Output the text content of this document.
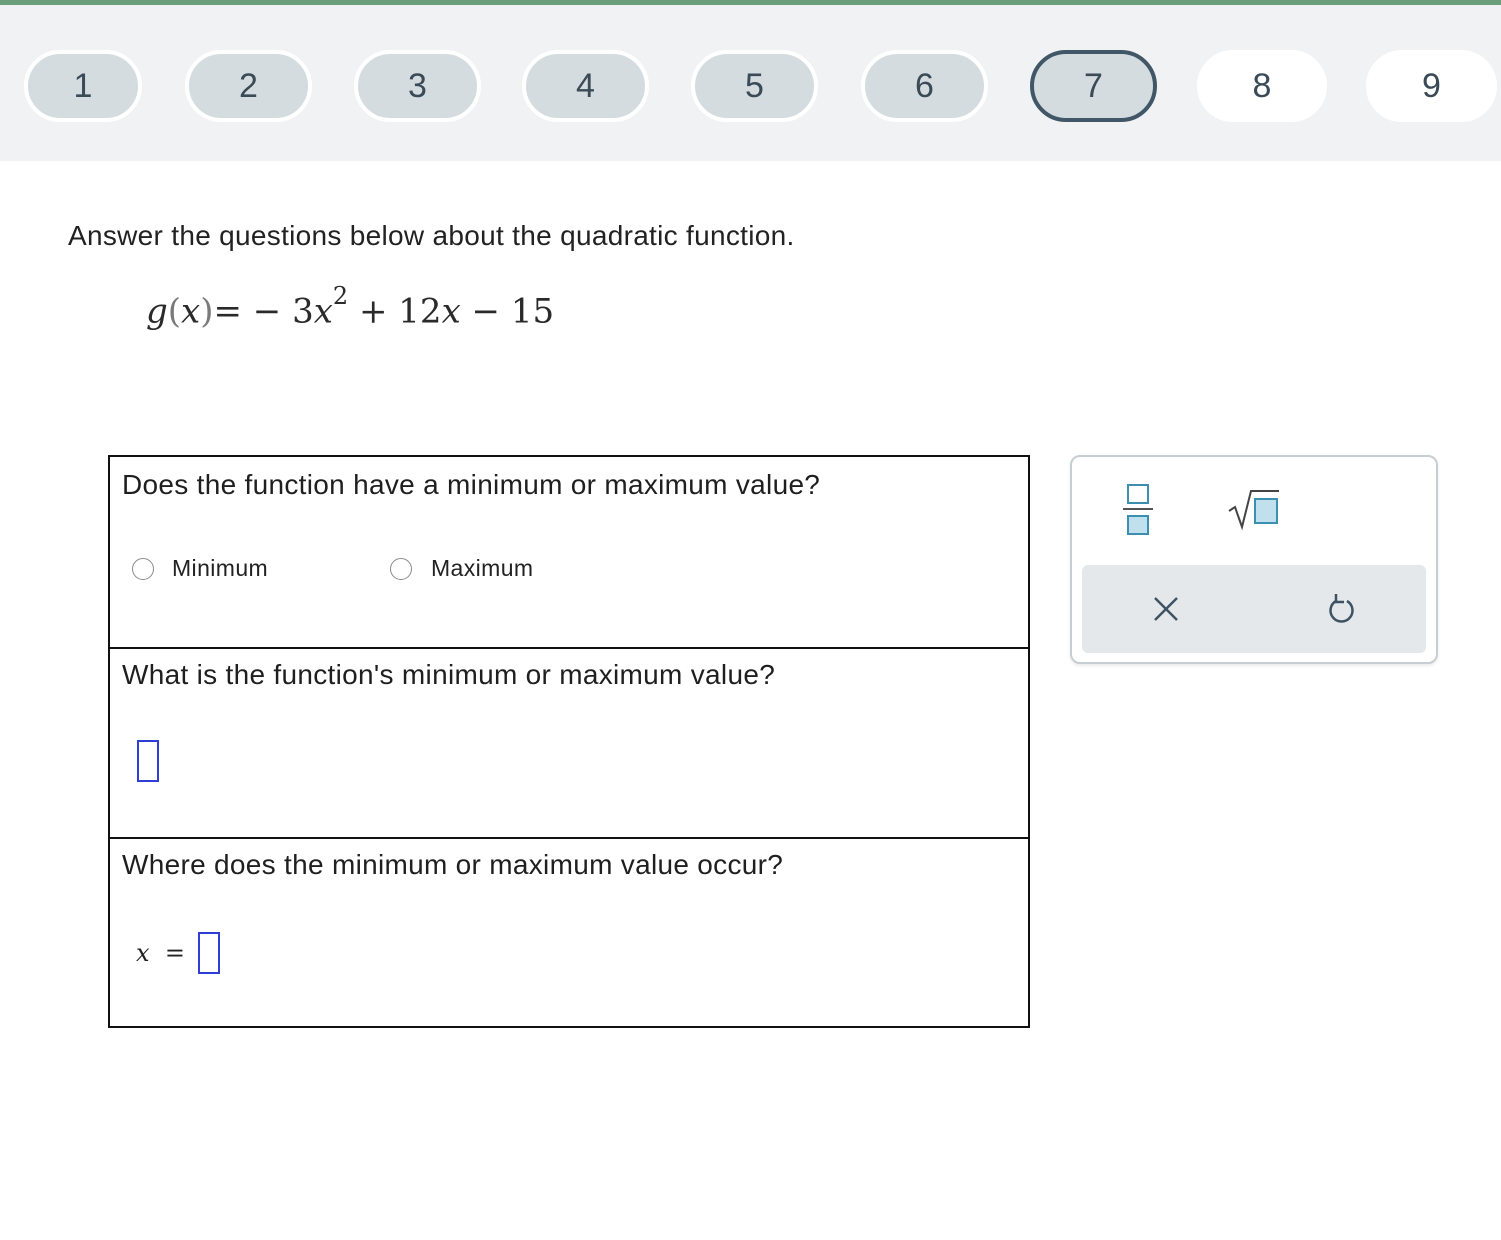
1	2	3	4	5	6	7	8	9
Answer the questions below about the quadratic function.
$g(x)= - 3x^2 + 12x - 15$
Does the function have a minimum or maximum value?
Minimum	Maximum
What is the function's minimum or maximum value?
Where does the minimum or maximum value occur?
x =
